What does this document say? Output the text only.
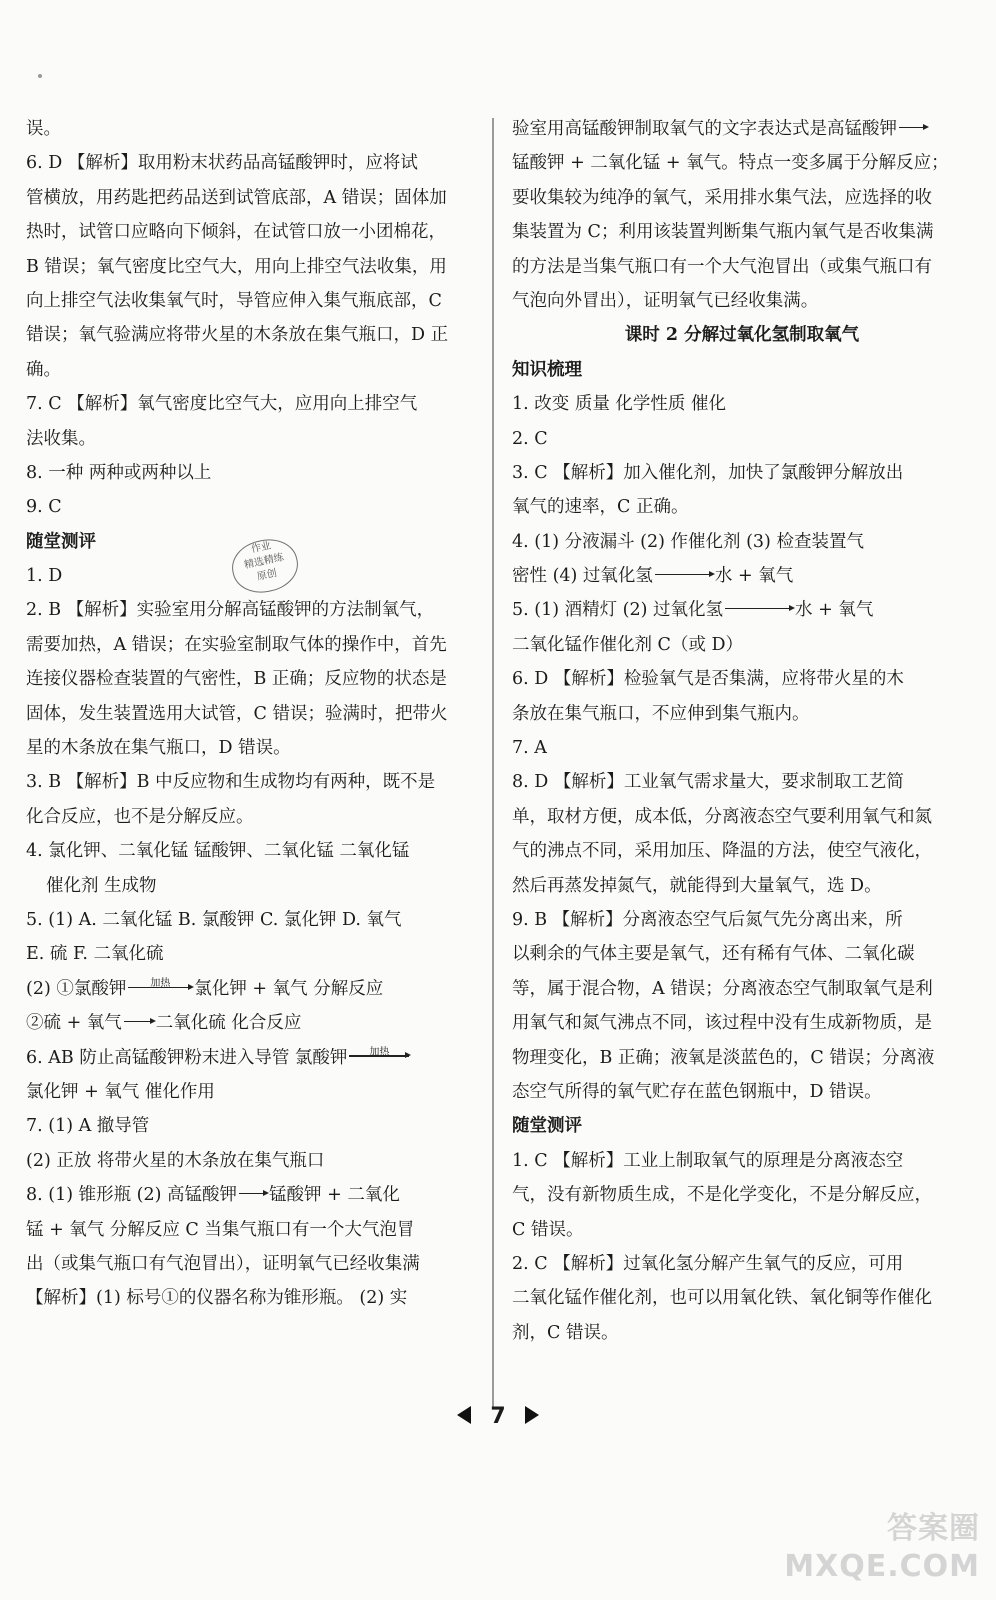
误。
6. D 【解析】取用粉末状药品高锰酸钾时，应将试
管横放，用药匙把药品送到试管底部，A 错误；固体加
热时，试管口应略向下倾斜，在试管口放一小团棉花，
B 错误；氧气密度比空气大，用向上排空气法收集，用
向上排空气法收集氧气时，导管应伸入集气瓶底部，C
错误；氧气验满应将带火星的木条放在集气瓶口，D 正
确。
7. C 【解析】氧气密度比空气大，应用向上排空气
法收集。
8. 一种 两种或两种以上
9. C
随堂测评
1. D
2. B 【解析】实验室用分解高锰酸钾的方法制氧气，
需要加热，A 错误；在实验室制取气体的操作中，首先
连接仪器检查装置的气密性，B 正确；反应物的状态是
固体，发生装置选用大试管，C 错误；验满时，把带火
星的木条放在集气瓶口，D 错误。
3. B 【解析】B 中反应物和生成物均有两种，既不是
化合反应，也不是分解反应。
4. 氯化钾、二氧化锰 锰酸钾、二氧化锰 二氧化锰
催化剂 生成物
5. (1) A. 二氧化锰 B. 氯酸钾 C. 氯化钾 D. 氧气
E. 硫 F. 二氧化硫
(2) ①氯酸钾	加热	氯化钾 + 氧气 分解反应
②硫 + 氧气 二氧化硫 化合反应
6. AB 防止高锰酸钾粉末进入导管 氯酸钾	加热
氯化钾 + 氧气 催化作用
7. (1) A 撤导管
(2) 正放 将带火星的木条放在集气瓶口
8. (1) 锥形瓶 (2) 高锰酸钾 锰酸钾 + 二氧化
锰 + 氧气 分解反应 C 当集气瓶口有一个大气泡冒
出（或集气瓶口有气泡冒出），证明氧气已经收集满
【解析】(1) 标号①的仪器名称为锥形瓶。 (2) 实
作业
精选精练
原创
验室用高锰酸钾制取氧气的文字表达式是高锰酸钾
锰酸钾 + 二氧化锰 + 氧气。特点一变多属于分解反应；
要收集较为纯净的氧气，采用排水集气法，应选择的收
集装置为 C；利用该装置判断集气瓶内氧气是否收集满
的方法是当集气瓶口有一个大气泡冒出（或集气瓶口有
气泡向外冒出），证明氧气已经收集满。
课时 2 分解过氧化氢制取氧气
知识梳理
1. 改变 质量 化学性质 催化
2. C
3. C 【解析】加入催化剂，加快了氯酸钾分解放出
氧气的速率，C 正确。
4. (1) 分液漏斗 (2) 作催化剂 (3) 检查装置气
密性 (4) 过氧化氢	水 + 氧气
5. (1) 酒精灯 (2) 过氧化氢	水 + 氧气
二氧化锰作催化剂 C（或 D）
6. D 【解析】检验氧气是否集满，应将带火星的木
条放在集气瓶口，不应伸到集气瓶内。
7. A
8. D 【解析】工业氧气需求量大，要求制取工艺简
单，取材方便，成本低，分离液态空气要利用氧气和氮
气的沸点不同，采用加压、降温的方法，使空气液化，
然后再蒸发掉氮气，就能得到大量氧气，选 D。
9. B 【解析】分离液态空气后氮气先分离出来，所
以剩余的气体主要是氧气，还有稀有气体、二氧化碳
等，属于混合物，A 错误；分离液态空气制取氧气是利
用氧气和氮气沸点不同，该过程中没有生成新物质，是
物理变化，B 正确；液氧是淡蓝色的，C 错误；分离液
态空气所得的氧气贮存在蓝色钢瓶中，D 错误。
随堂测评
1. C 【解析】工业上制取氧气的原理是分离液态空
气，没有新物质生成，不是化学变化，不是分解反应，
C 错误。
2. C 【解析】过氧化氢分解产生氧气的反应，可用
二氧化锰作催化剂，也可以用氧化铁、氧化铜等作催化
剂，C 错误。
7
答案圈
MXQE.COM
